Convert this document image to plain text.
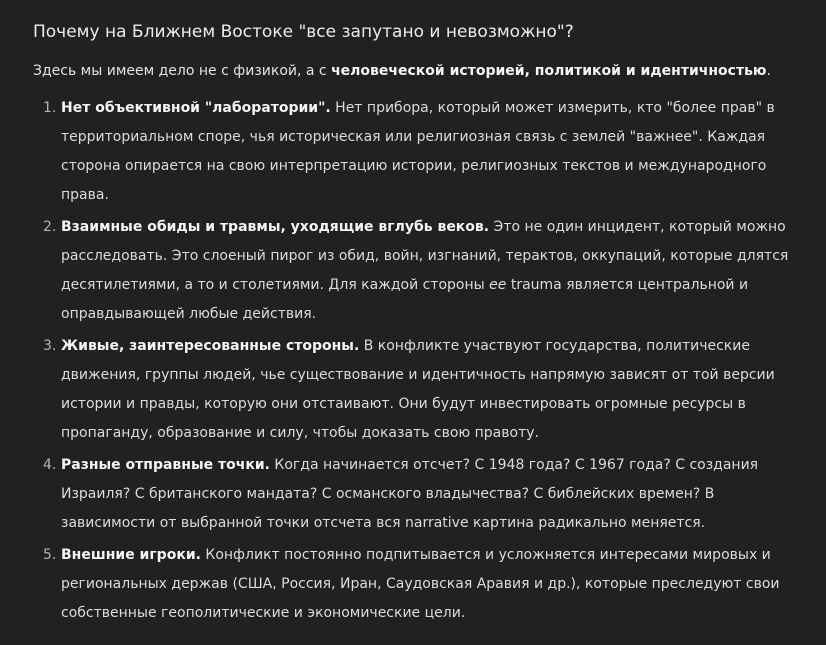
Почему на Ближнем Востоке "все запутано и невозможно"?

Здесь мы имеем дело не с физикой, а с человеческой историей, политикой и идентичностью.

1. Нет объективной "лаборатории". Нет прибора, который может измерить, кто "более прав" в территориальном споре, чья историческая или религиозная связь с землей "важнее". Каждая сторона опирается на свою интерпретацию истории, религиозных текстов и международного права.
2. Взаимные обиды и травмы, уходящие вглубь веков. Это не один инцидент, который можно расследовать. Это слоеный пирог из обид, войн, изгнаний, терактов, оккупаций, которые длятся десятилетиями, а то и столетиями. Для каждой стороны ee trauma является центральной и оправдывающей любые действия.
3. Живые, заинтересованные стороны. В конфликте участвуют государства, политические движения, группы людей, чье существование и идентичность напрямую зависят от той версии истории и правды, которую они отстаивают. Они будут инвестировать огромные ресурсы в пропаганду, образование и силу, чтобы доказать свою правоту.
4. Разные отправные точки. Когда начинается отсчет? С 1948 года? С 1967 года? С создания Израиля? С британского мандата? С османского владычества? С библейских времен? В зависимости от выбранной точки отсчета вся narrative картина радикально меняется.
5. Внешние игроки. Конфликт постоянно подпитывается и усложняется интересами мировых и региональных держав (США, Россия, Иран, Саудовская Аравия и др.), которые преследуют свои собственные геополитические и экономические цели.
